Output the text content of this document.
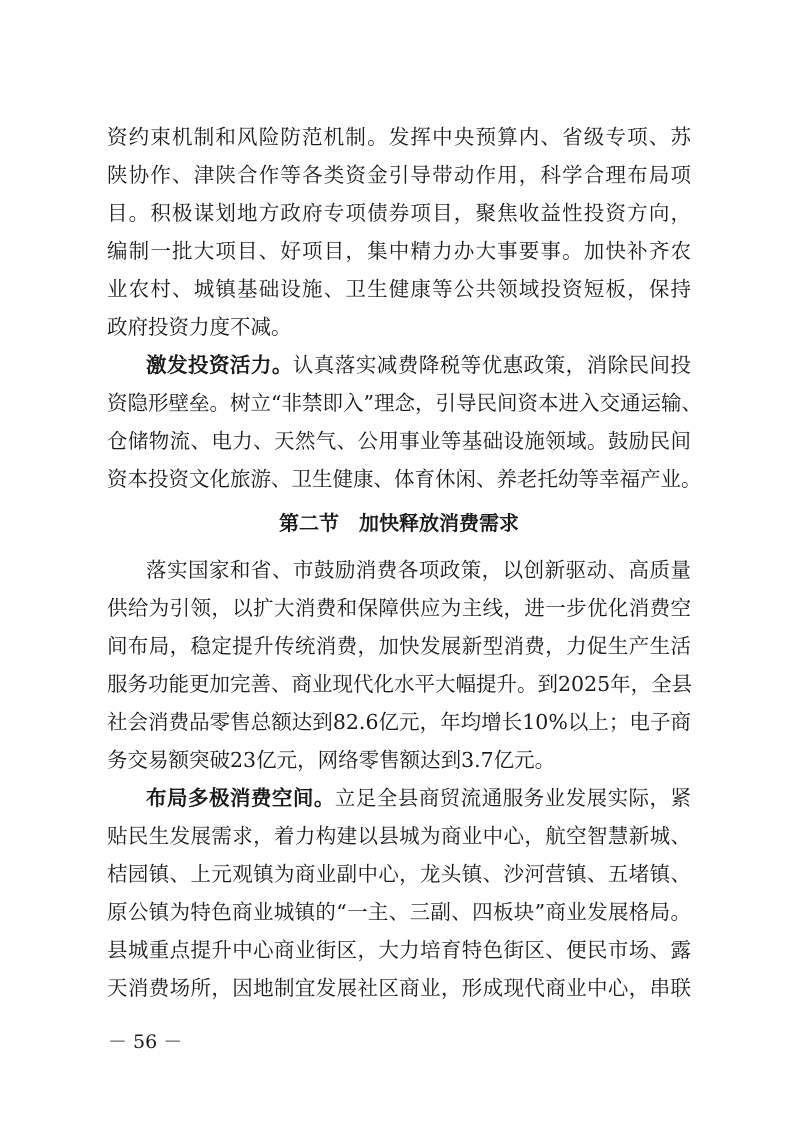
资约束机制和风险防范机制。发挥中央预算内、省级专项、苏
陕协作、津陕合作等各类资金引导带动作用，科学合理布局项
目。积极谋划地方政府专项债券项目，聚焦收益性投资方向，
编制一批大项目、好项目，集中精力办大事要事。加快补齐农
业农村、城镇基础设施、卫生健康等公共领域投资短板，保持
政府投资力度不减。
激发投资活力。认真落实减费降税等优惠政策，消除民间投
资隐形壁垒。树立“非禁即入”理念，引导民间资本进入交通运输、
仓储物流、电力、天然气、公用事业等基础设施领域。鼓励民间
资本投资文化旅游、卫生健康、体育休闲、养老托幼等幸福产业。
第二节　加快释放消费需求
落实国家和省、市鼓励消费各项政策，以创新驱动、高质量
供给为引领，以扩大消费和保障供应为主线，进一步优化消费空
间布局，稳定提升传统消费，加快发展新型消费，力促生产生活
服务功能更加完善、商业现代化水平大幅提升。到2025年，全县
社会消费品零售总额达到82.6亿元，年均增长10%以上；电子商
务交易额突破23亿元，网络零售额达到3.7亿元。
布局多极消费空间。立足全县商贸流通服务业发展实际，紧
贴民生发展需求，着力构建以县城为商业中心，航空智慧新城、
桔园镇、上元观镇为商业副中心，龙头镇、沙河营镇、五堵镇、
原公镇为特色商业城镇的“一主、三副、四板块”商业发展格局。
县城重点提升中心商业街区，大力培育特色街区、便民市场、露
天消费场所，因地制宜发展社区商业，形成现代商业中心，串联
－ 56 －
